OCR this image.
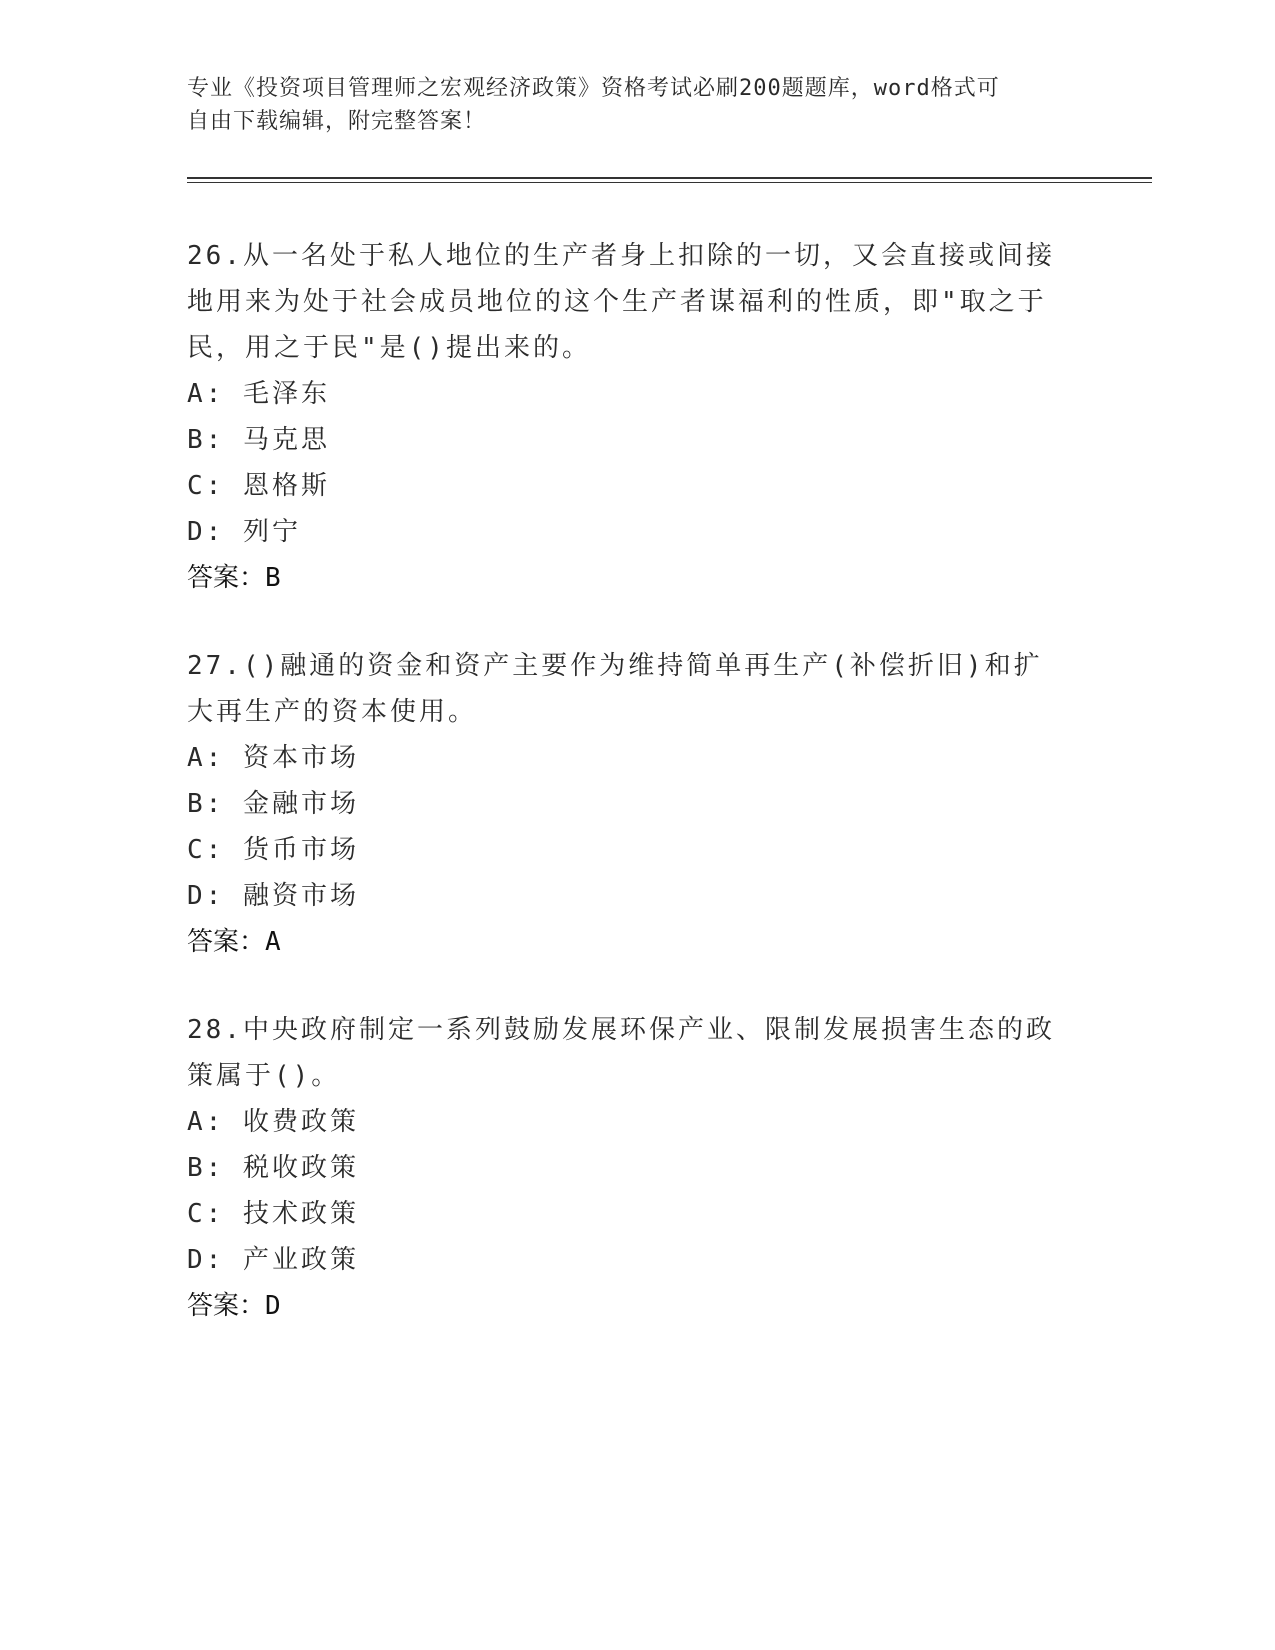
专业《投资项目管理师之宏观经济政策》资格考试必刷200题题库，word格式可
自由下载编辑，附完整答案！

26.从一名处于私人地位的生产者身上扣除的一切，又会直接或间接地用来为处于社会成员地位的这个生产者谋福利的性质，即"取之于民，用之于民"是()提出来的。

A: 毛泽东

B: 马克思

C: 恩格斯

D: 列宁

答案：B

27.()融通的资金和资产主要作为维持简单再生产(补偿折旧)和扩大再生产的资本使用。

A: 资本市场

B: 金融市场

C: 货币市场

D: 融资市场

答案：A

28.中央政府制定一系列鼓励发展环保产业、限制发展损害生态的政策属于()。

A: 收费政策

B: 税收政策

C: 技术政策

D: 产业政策

答案：D
